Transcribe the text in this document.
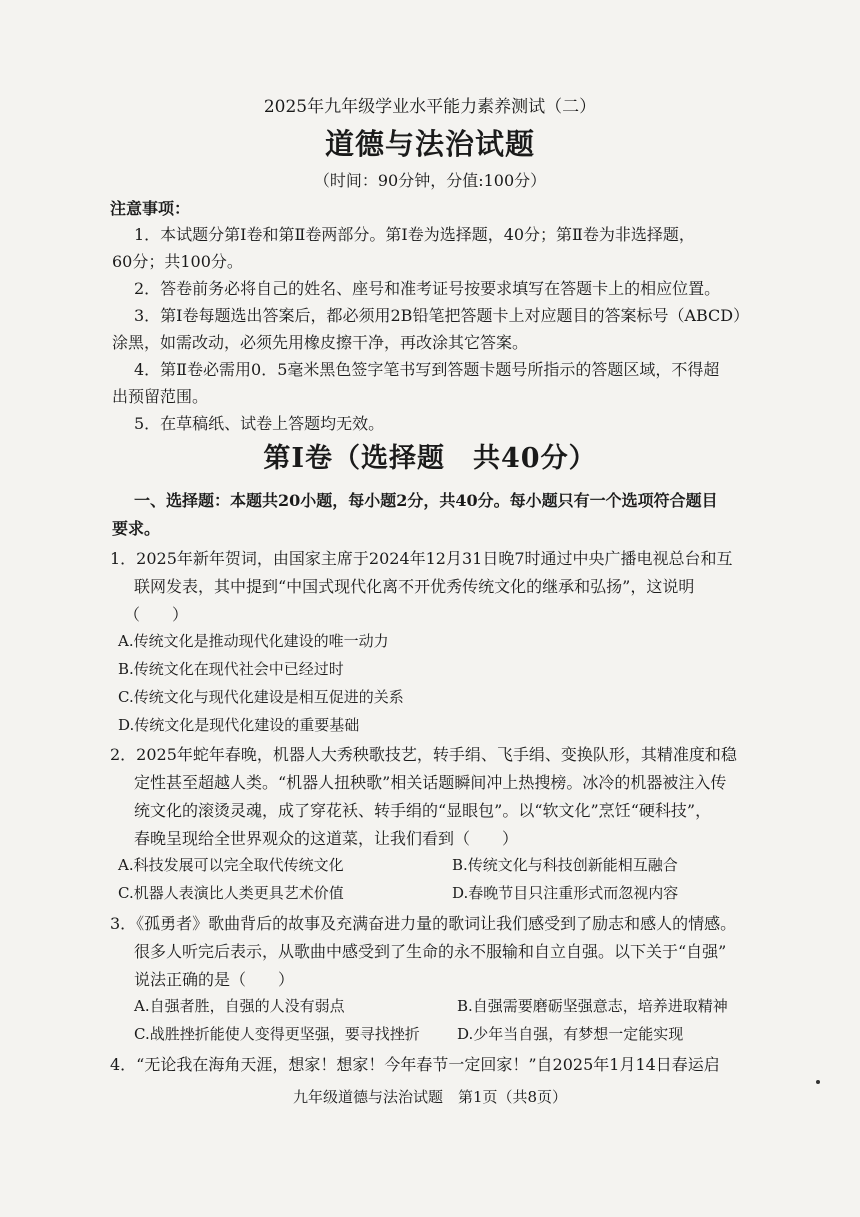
2025年九年级学业水平能力素养测试（二）
道德与法治试题
（时间：90分钟，分值:100分）
注意事项：
1．本试题分第Ⅰ卷和第Ⅱ卷两部分。第Ⅰ卷为选择题，40分；第Ⅱ卷为非选择题，
60分；共100分。
2．答卷前务必将自己的姓名、座号和准考证号按要求填写在答题卡上的相应位置。
3．第Ⅰ卷每题选出答案后，都必须用2B铅笔把答题卡上对应题目的答案标号（ABCD）
涂黑，如需改动，必须先用橡皮擦干净，再改涂其它答案。
4．第Ⅱ卷必需用0．5毫米黑色签字笔书写到答题卡题号所指示的答题区域，不得超
出预留范围。
5．在草稿纸、试卷上答题均无效。
第Ⅰ卷（选择题　共40分）
一、选择题：本题共20小题，每小题2分，共40分。每小题只有一个选项符合题目
要求。
1．2025年新年贺词，由国家主席于2024年12月31日晚7时通过中央广播电视总台和互
联网发表，其中提到“中国式现代化离不开优秀传统文化的继承和弘扬”，这说明
（　　）
A.传统文化是推动现代化建设的唯一动力
B.传统文化在现代社会中已经过时
C.传统文化与现代化建设是相互促进的关系
D.传统文化是现代化建设的重要基础
2．2025年蛇年春晚，机器人大秀秧歌技艺，转手绢、飞手绢、变换队形，其精准度和稳
定性甚至超越人类。“机器人扭秧歌”相关话题瞬间冲上热搜榜。冰冷的机器被注入传
统文化的滚烫灵魂，成了穿花袄、转手绢的“显眼包”。以“软文化”烹饪“硬科技”，
春晚呈现给全世界观众的这道菜，让我们看到（　　）
A.科技发展可以完全取代传统文化	B.传统文化与科技创新能相互融合
C.机器人表演比人类更具艺术价值	D.春晚节目只注重形式而忽视内容
3．《孤勇者》歌曲背后的故事及充满奋进力量的歌词让我们感受到了励志和感人的情感。
很多人听完后表示，从歌曲中感受到了生命的永不服输和自立自强。以下关于“自强”
说法正确的是（　　）
A.自强者胜，自强的人没有弱点	B.自强需要磨砺坚强意志，培养进取精神
C.战胜挫折能使人变得更坚强，要寻找挫折 D.少年当自强，有梦想一定能实现
4．“无论我在海角天涯，想家！想家！今年春节一定回家！”自2025年1月14日春运启
九年级道德与法治试题　第1页（共8页）
